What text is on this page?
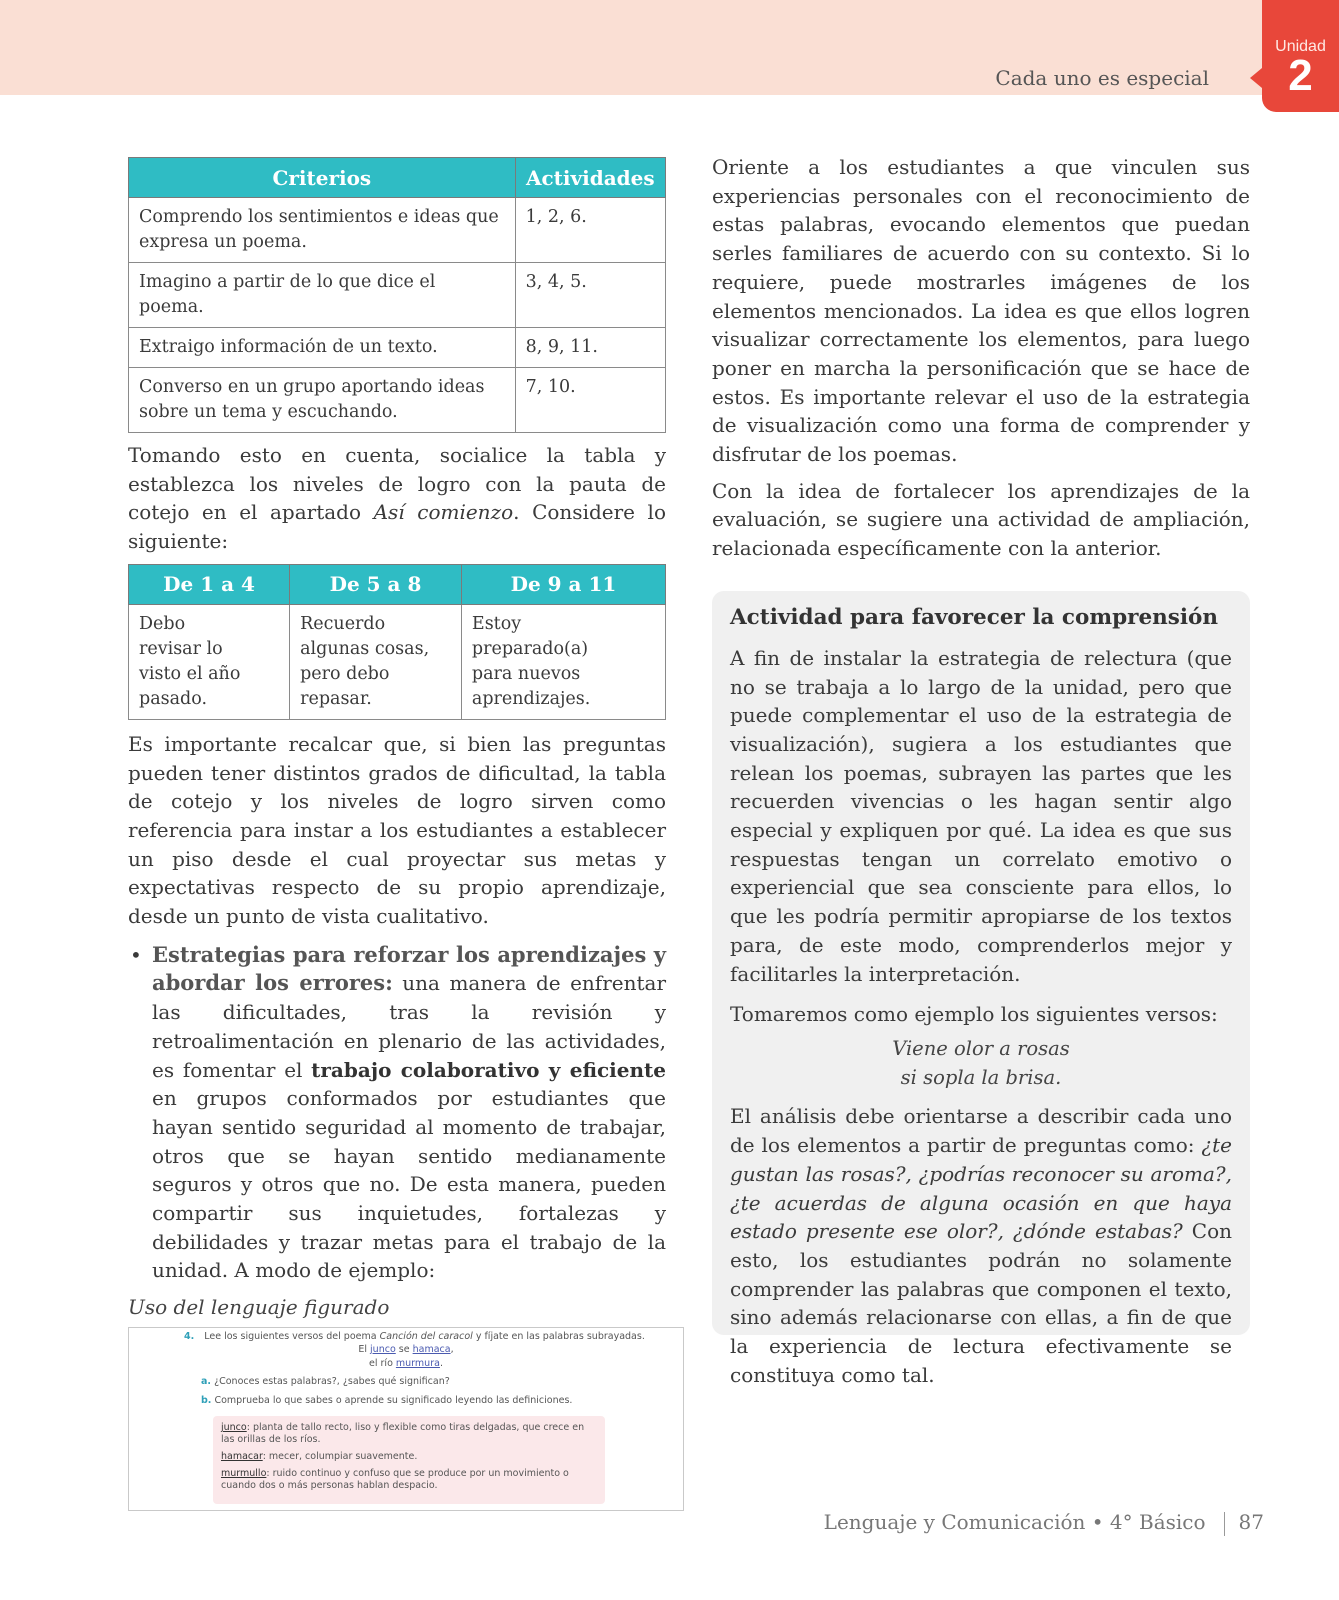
Cada uno es especial
Unidad
2
Criterios	Actividades
Comprendo los sentimientos e ideas que expresa un poema.	1, 2, 6.
Imagino a partir de lo que dice el poema.	3, 4, 5.
Extraigo información de un texto.	8, 9, 11.
Converso en un grupo aportando ideas sobre un tema y escuchando.	7, 10.

Tomando esto en cuenta, socialice la tabla y establezca los niveles de logro con la pauta de cotejo en el apartado Así comienzo. Considere lo siguiente:

De 1 a 4	De 5 a 8	De 9 a 11
Debo revisar lo visto el año pasado.	Recuerdo algunas cosas, pero debo repasar.	Estoy preparado(a) para nuevos aprendizajes.

Es importante recalcar que, si bien las preguntas pueden tener distintos grados de dificultad, la tabla de cotejo y los niveles de logro sirven como referencia para instar a los estudiantes a establecer un piso desde el cual proyectar sus metas y expectativas respecto de su propio aprendizaje, desde un punto de vista cualitativo.

• Estrategias para reforzar los aprendizajes y abordar los errores: una manera de enfrentar las dificultades, tras la revisión y retroalimentación en plenario de las actividades, es fomentar el trabajo colaborativo y eficiente en grupos conformados por estudiantes que hayan sentido seguridad al momento de trabajar, otros que se hayan sentido medianamente seguros y otros que no. De esta manera, pueden compartir sus inquietudes, fortalezas y debilidades y trazar metas para el trabajo de la unidad. A modo de ejemplo:

Uso del lenguaje figurado
4. Lee los siguientes versos del poema Canción del caracol y fíjate en las palabras subrayadas.
El junco se hamaca,
el río murmura.
a. ¿Conoces estas palabras?, ¿sabes qué significan?
b. Comprueba lo que sabes o aprende su significado leyendo las definiciones.
junco: planta de tallo recto, liso y flexible como tiras delgadas, que crece en las orillas de los ríos.
hamacar: mecer, columpiar suavemente.
murmullo: ruido continuo y confuso que se produce por un movimiento o cuando dos o más personas hablan despacio.

Oriente a los estudiantes a que vinculen sus experiencias personales con el reconocimiento de estas palabras, evocando elementos que puedan serles familiares de acuerdo con su contexto. Si lo requiere, puede mostrarles imágenes de los elementos mencionados. La idea es que ellos logren visualizar correctamente los elementos, para luego poner en marcha la personificación que se hace de estos. Es importante relevar el uso de la estrategia de visualización como una forma de comprender y disfrutar de los poemas.

Con la idea de fortalecer los aprendizajes de la evaluación, se sugiere una actividad de ampliación, relacionada específicamente con la anterior.

Actividad para favorecer la comprensión

A fin de instalar la estrategia de relectura (que no se trabaja a lo largo de la unidad, pero que puede complementar el uso de la estrategia de visualización), sugiera a los estudiantes que relean los poemas, subrayen las partes que les recuerden vivencias o les hagan sentir algo especial y expliquen por qué. La idea es que sus respuestas tengan un correlato emotivo o experiencial que sea consciente para ellos, lo que les podría permitir apropiarse de los textos para, de este modo, comprenderlos mejor y facilitarles la interpretación.

Tomaremos como ejemplo los siguientes versos:

Viene olor a rosas
si sopla la brisa.

El análisis debe orientarse a describir cada uno de los elementos a partir de preguntas como: ¿te gustan las rosas?, ¿podrías reconocer su aroma?, ¿te acuerdas de alguna ocasión en que haya estado presente ese olor?, ¿dónde estabas? Con esto, los estudiantes podrán no solamente comprender las palabras que componen el texto, sino además relacionarse con ellas, a fin de que la experiencia de lectura efectivamente se constituya como tal.

Lenguaje y Comunicación • 4° Básico 87
